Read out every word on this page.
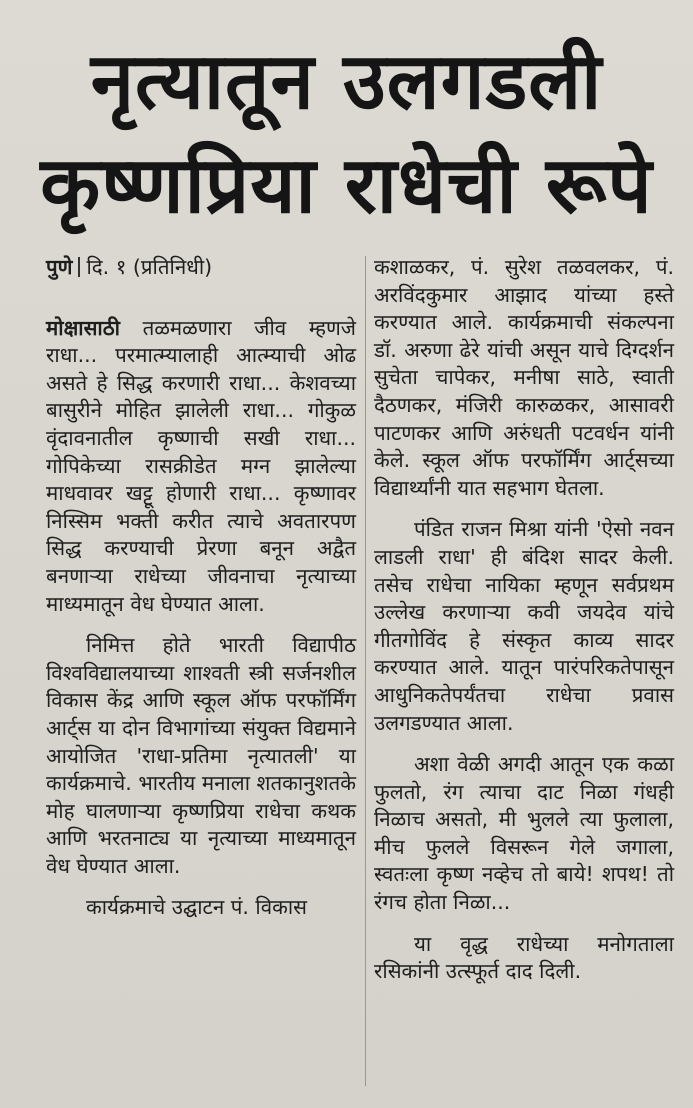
नृत्यातून उलगडली
कृष्णप्रिया राधेची रूपे
पुणे दि. १ (प्रतिनिधी)

मोक्षासाठी तळमळणारा जीव म्हणजे राधा... परमात्म्यालाही आत्म्याची ओढ असते हे सिद्ध करणारी राधा... केशवच्या बासुरीने मोहित झालेली राधा... गोकुळ वृंदावनातील कृष्णाची सखी राधा... गोपिकेच्या रासक्रीडेत मग्न झालेल्या माधवावर खट्टू होणारी राधा... कृष्णावर निस्सिम भक्ती करीत त्याचे अवतारपण सिद्ध करण्याची प्रेरणा बनून अद्वैत बनणाऱ्या राधेच्या जीवनाचा नृत्याच्या माध्यमातून वेध घेण्यात आला.

निमित्त होते भारती विद्यापीठ विश्वविद्यालयाच्या शाश्वती स्त्री सर्जनशील विकास केंद्र आणि स्कूल ऑफ परफॉर्मिंग आर्ट्स या दोन विभागांच्या संयुक्त विद्यमाने आयोजित 'राधा-प्रतिमा नृत्यातली' या कार्यक्रमाचे. भारतीय मनाला शतकानुशतके मोह घालणाऱ्या कृष्णप्रिया राधेचा कथक आणि भरतनाट्य या नृत्याच्या माध्यमातून वेध घेण्यात आला.

कार्यक्रमाचे उद्घाटन पं. विकास

कशाळकर, पं. सुरेश तळवलकर, पं. अरविंदकुमार आझाद यांच्या हस्ते करण्यात आले. कार्यक्रमाची संकल्पना डॉ. अरुणा ढेरे यांची असून याचे दिग्दर्शन सुचेता चापेकर, मनीषा साठे, स्वाती दैठणकर, मंजिरी कारुळकर, आसावरी पाटणकर आणि अरुंधती पटवर्धन यांनी केले. स्कूल ऑफ परफॉर्मिंग आर्ट्सच्या विद्यार्थ्यांनी यात सहभाग घेतला.

पंडित राजन मिश्रा यांनी 'ऐसो नवन लाडली राधा' ही बंदिश सादर केली. तसेच राधेचा नायिका म्हणून सर्वप्रथम उल्लेख करणाऱ्या कवी जयदेव यांचे गीतगोविंद हे संस्कृत काव्य सादर करण्यात आले. यातून पारंपरिकतेपासून आधुनिकतेपर्यंतचा राधेचा प्रवास उलगडण्यात आला.

अशा वेळी अगदी आतून एक कळा फुलतो, रंग त्याचा दाट निळा गंधही निळाच असतो, मी भुलले त्या फुलाला, मीच फुलले विसरून गेले जगाला, स्वतःला कृष्ण नव्हेच तो बाये! शपथ! तो रंगच होता निळा...

या वृद्ध राधेच्या मनोगताला रसिकांनी उत्स्फूर्त दाद दिली.
